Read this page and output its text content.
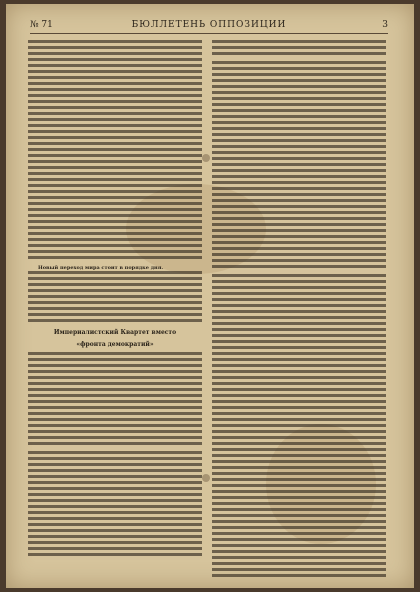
№ 71	БЮЛЛЕТЕНЬ ОППОЗИЦИИ	3
Новый переход мира стоит в порядке дня.
Империалистский Квартет вместо
«фронта демократий»
